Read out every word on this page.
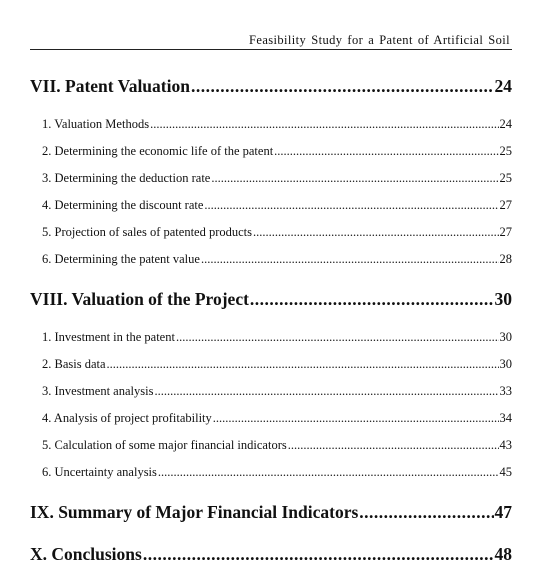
Feasibility Study for a Patent of Artificial Soil
VII. Patent Valuation .....	24
1. Valuation Methods .....	24
2. Determining the economic life of the patent .....	25
3. Determining the deduction rate .....	25
4. Determining the discount rate .....	27
5. Projection of sales of patented products .....	27
6. Determining the patent value .....	28
VIII. Valuation of the Project .....	30
1. Investment in the patent .....	30
2. Basis data .....	30
3. Investment analysis .....	33
4. Analysis of project profitability .....	34
5. Calculation of some major financial indicators .....	43
6. Uncertainty analysis .....	45
IX. Summary of Major Financial Indicators .....	47
X. Conclusions .....	48
